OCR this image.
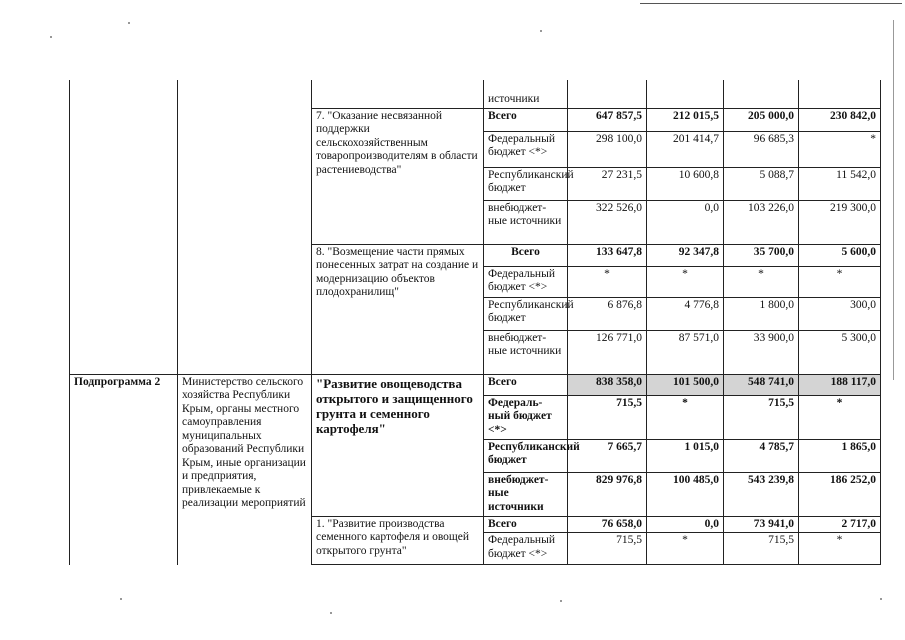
			источники				
		7. "Оказание несвязанной поддержки сельскохозяйственным товаропроизводителям в области растениеводства"	Всего	647 857,5	212 015,5	205 000,0	230 842,0
			Федеральный бюджет <*>	298 100,0	201 414,7	96 685,3	*
			Республиканский бюджет	27 231,5	10 600,8	5 088,7	11 542,0
			внебюджет-ные источники	322 526,0	0,0	103 226,0	219 300,0
		8. "Возмещение части прямых понесенных затрат на создание и модернизацию объектов плодохранилищ"	Всего	133 647,8	92 347,8	35 700,0	5 600,0
			Федеральный бюджет <*>	*	*	*	*
			Республиканский бюджет	6 876,8	4 776,8	1 800,0	300,0
			внебюджет-ные источники	126 771,0	87 571,0	33 900,0	5 300,0
Подпрограмма 2	Министерство сельского хозяйства Республики Крым, органы местного самоуправления муниципальных образований Республики Крым, иные организации и предприятия, привлекаемые к реализации мероприятий	"Развитие овощеводства открытого и защищенного грунта и семенного картофеля"	Всего	838 358,0	101 500,0	548 741,0	188 117,0
			Федераль-ный бюджет <*>	715,5	*	715,5	*
			Республиканский бюджет	7 665,7	1 015,0	4 785,7	1 865,0
			внебюджет-ные источники	829 976,8	100 485,0	543 239,8	186 252,0
		1. "Развитие производства семенного картофеля и овощей открытого грунта"	Всего	76 658,0	0,0	73 941,0	2 717,0
			Федеральный бюджет <*>	715,5	*	715,5	*
